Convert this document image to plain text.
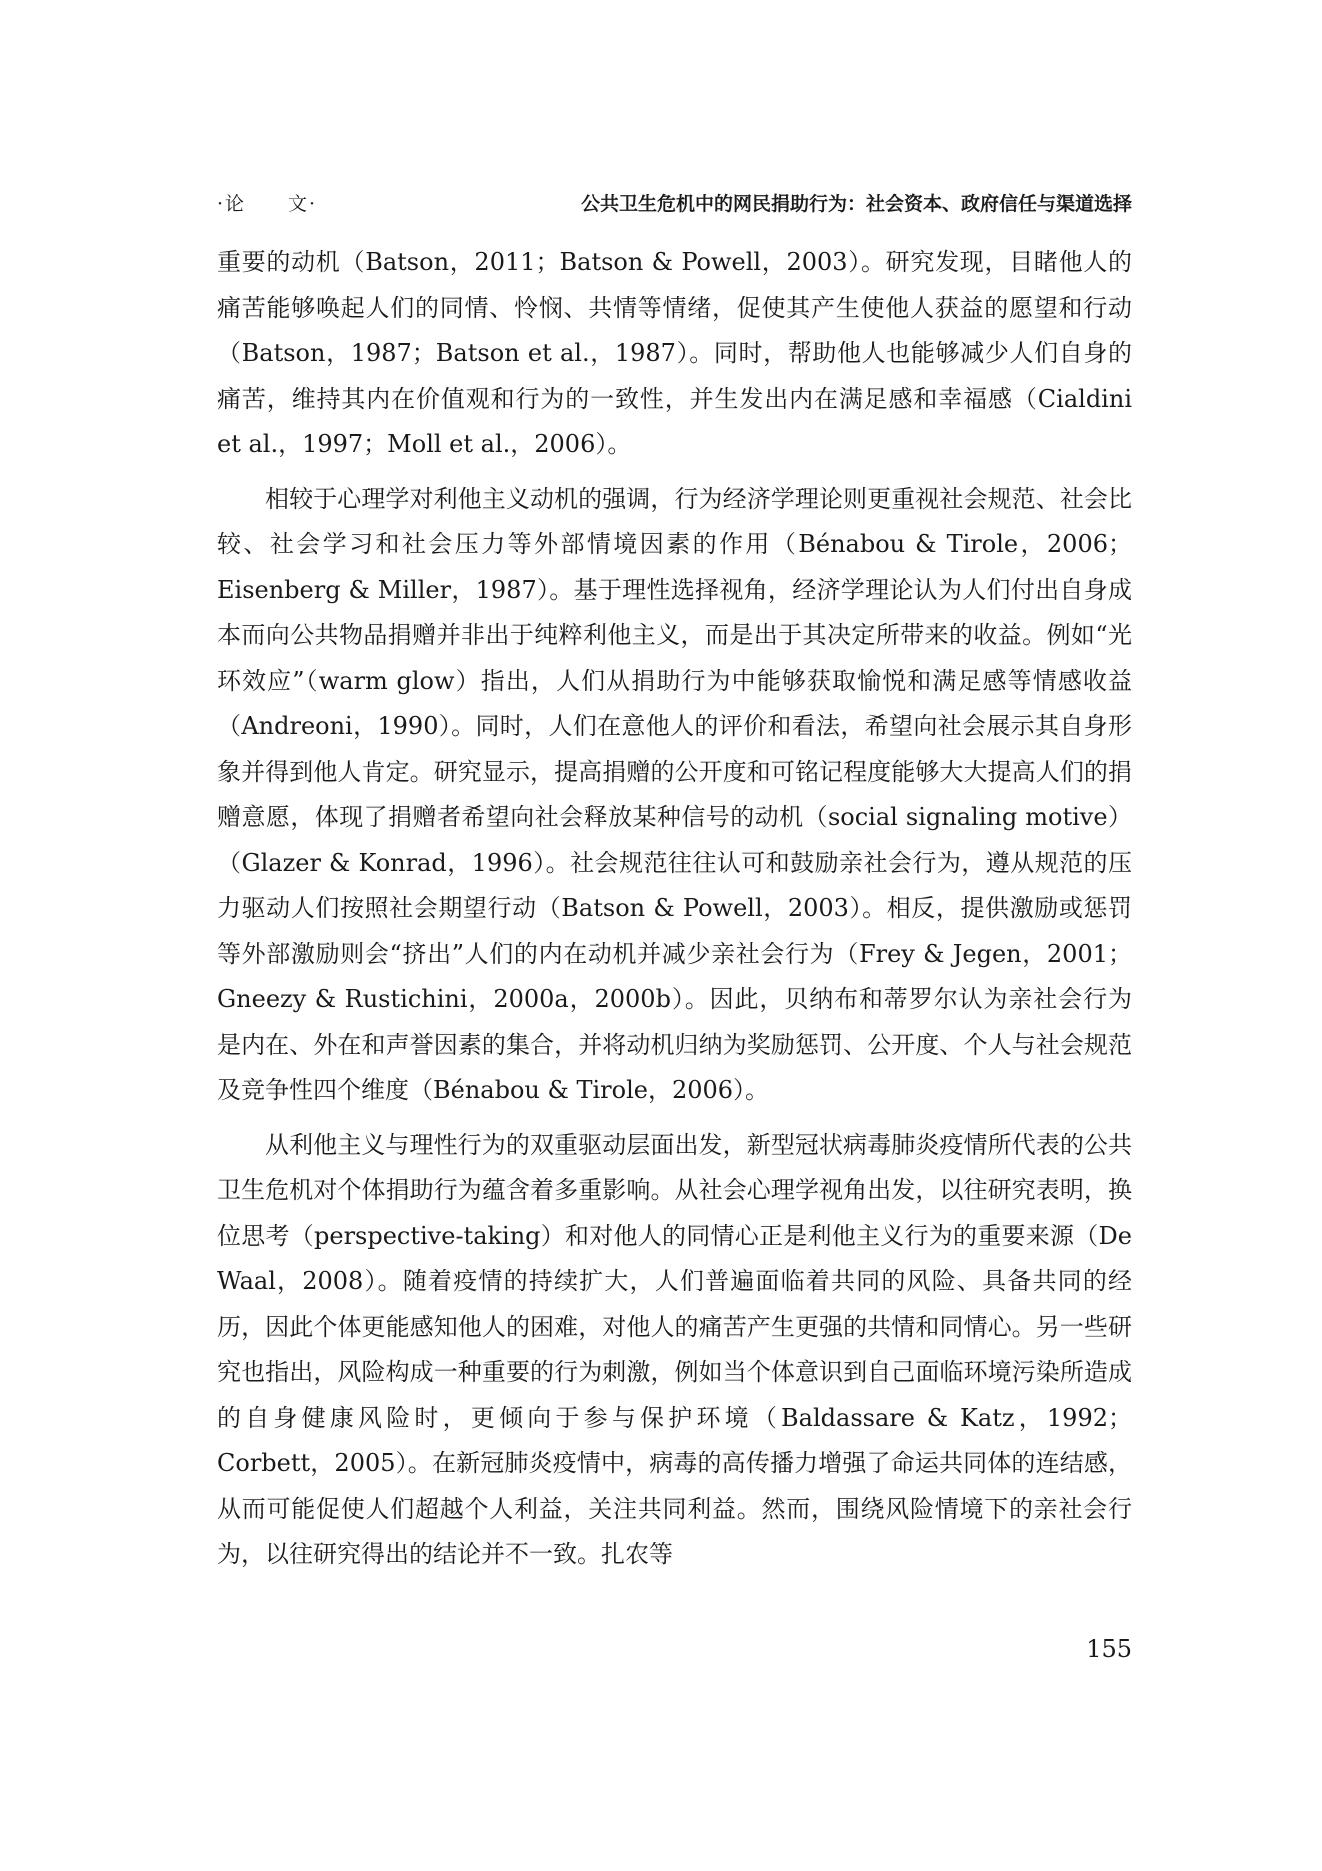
·论　　文·	公共卫生危机中的网民捐助行为：社会资本、政府信任与渠道选择

重要的动机（Batson，2011；Batson & Powell，2003）。研究发现，目睹他人的痛苦能够唤起人们的同情、怜悯、共情等情绪，促使其产生使他人获益的愿望和行动（Batson，1987；Batson et al.，1987）。同时，帮助他人也能够减少人们自身的痛苦，维持其内在价值观和行为的一致性，并生发出内在满足感和幸福感（Cialdini et al.，1997；Moll et al.，2006）。

相较于心理学对利他主义动机的强调，行为经济学理论则更重视社会规范、社会比较、社会学习和社会压力等外部情境因素的作用（Bénabou & Tirole，2006；Eisenberg & Miller，1987）。基于理性选择视角，经济学理论认为人们付出自身成本而向公共物品捐赠并非出于纯粹利他主义，而是出于其决定所带来的收益。例如“光环效应”（warm glow）指出，人们从捐助行为中能够获取愉悦和满足感等情感收益（Andreoni，1990）。同时，人们在意他人的评价和看法，希望向社会展示其自身形象并得到他人肯定。研究显示，提高捐赠的公开度和可铭记程度能够大大提高人们的捐赠意愿，体现了捐赠者希望向社会释放某种信号的动机（social signaling motive）（Glazer & Konrad，1996）。社会规范往往认可和鼓励亲社会行为，遵从规范的压力驱动人们按照社会期望行动（Batson & Powell，2003）。相反，提供激励或惩罚等外部激励则会“挤出”人们的内在动机并减少亲社会行为（Frey & Jegen，2001；Gneezy & Rustichini，2000a，2000b）。因此，贝纳布和蒂罗尔认为亲社会行为是内在、外在和声誉因素的集合，并将动机归纳为奖励惩罚、公开度、个人与社会规范及竞争性四个维度（Bénabou & Tirole，2006）。

从利他主义与理性行为的双重驱动层面出发，新型冠状病毒肺炎疫情所代表的公共卫生危机对个体捐助行为蕴含着多重影响。从社会心理学视角出发，以往研究表明，换位思考（perspective-taking）和对他人的同情心正是利他主义行为的重要来源（De Waal，2008）。随着疫情的持续扩大，人们普遍面临着共同的风险、具备共同的经历，因此个体更能感知他人的困难，对他人的痛苦产生更强的共情和同情心。另一些研究也指出，风险构成一种重要的行为刺激，例如当个体意识到自己面临环境污染所造成的自身健康风险时，更倾向于参与保护环境（Baldassare & Katz，1992；Corbett，2005）。在新冠肺炎疫情中，病毒的高传播力增强了命运共同体的连结感，从而可能促使人们超越个人利益，关注共同利益。然而，围绕风险情境下的亲社会行为，以往研究得出的结论并不一致。扎农等

155
